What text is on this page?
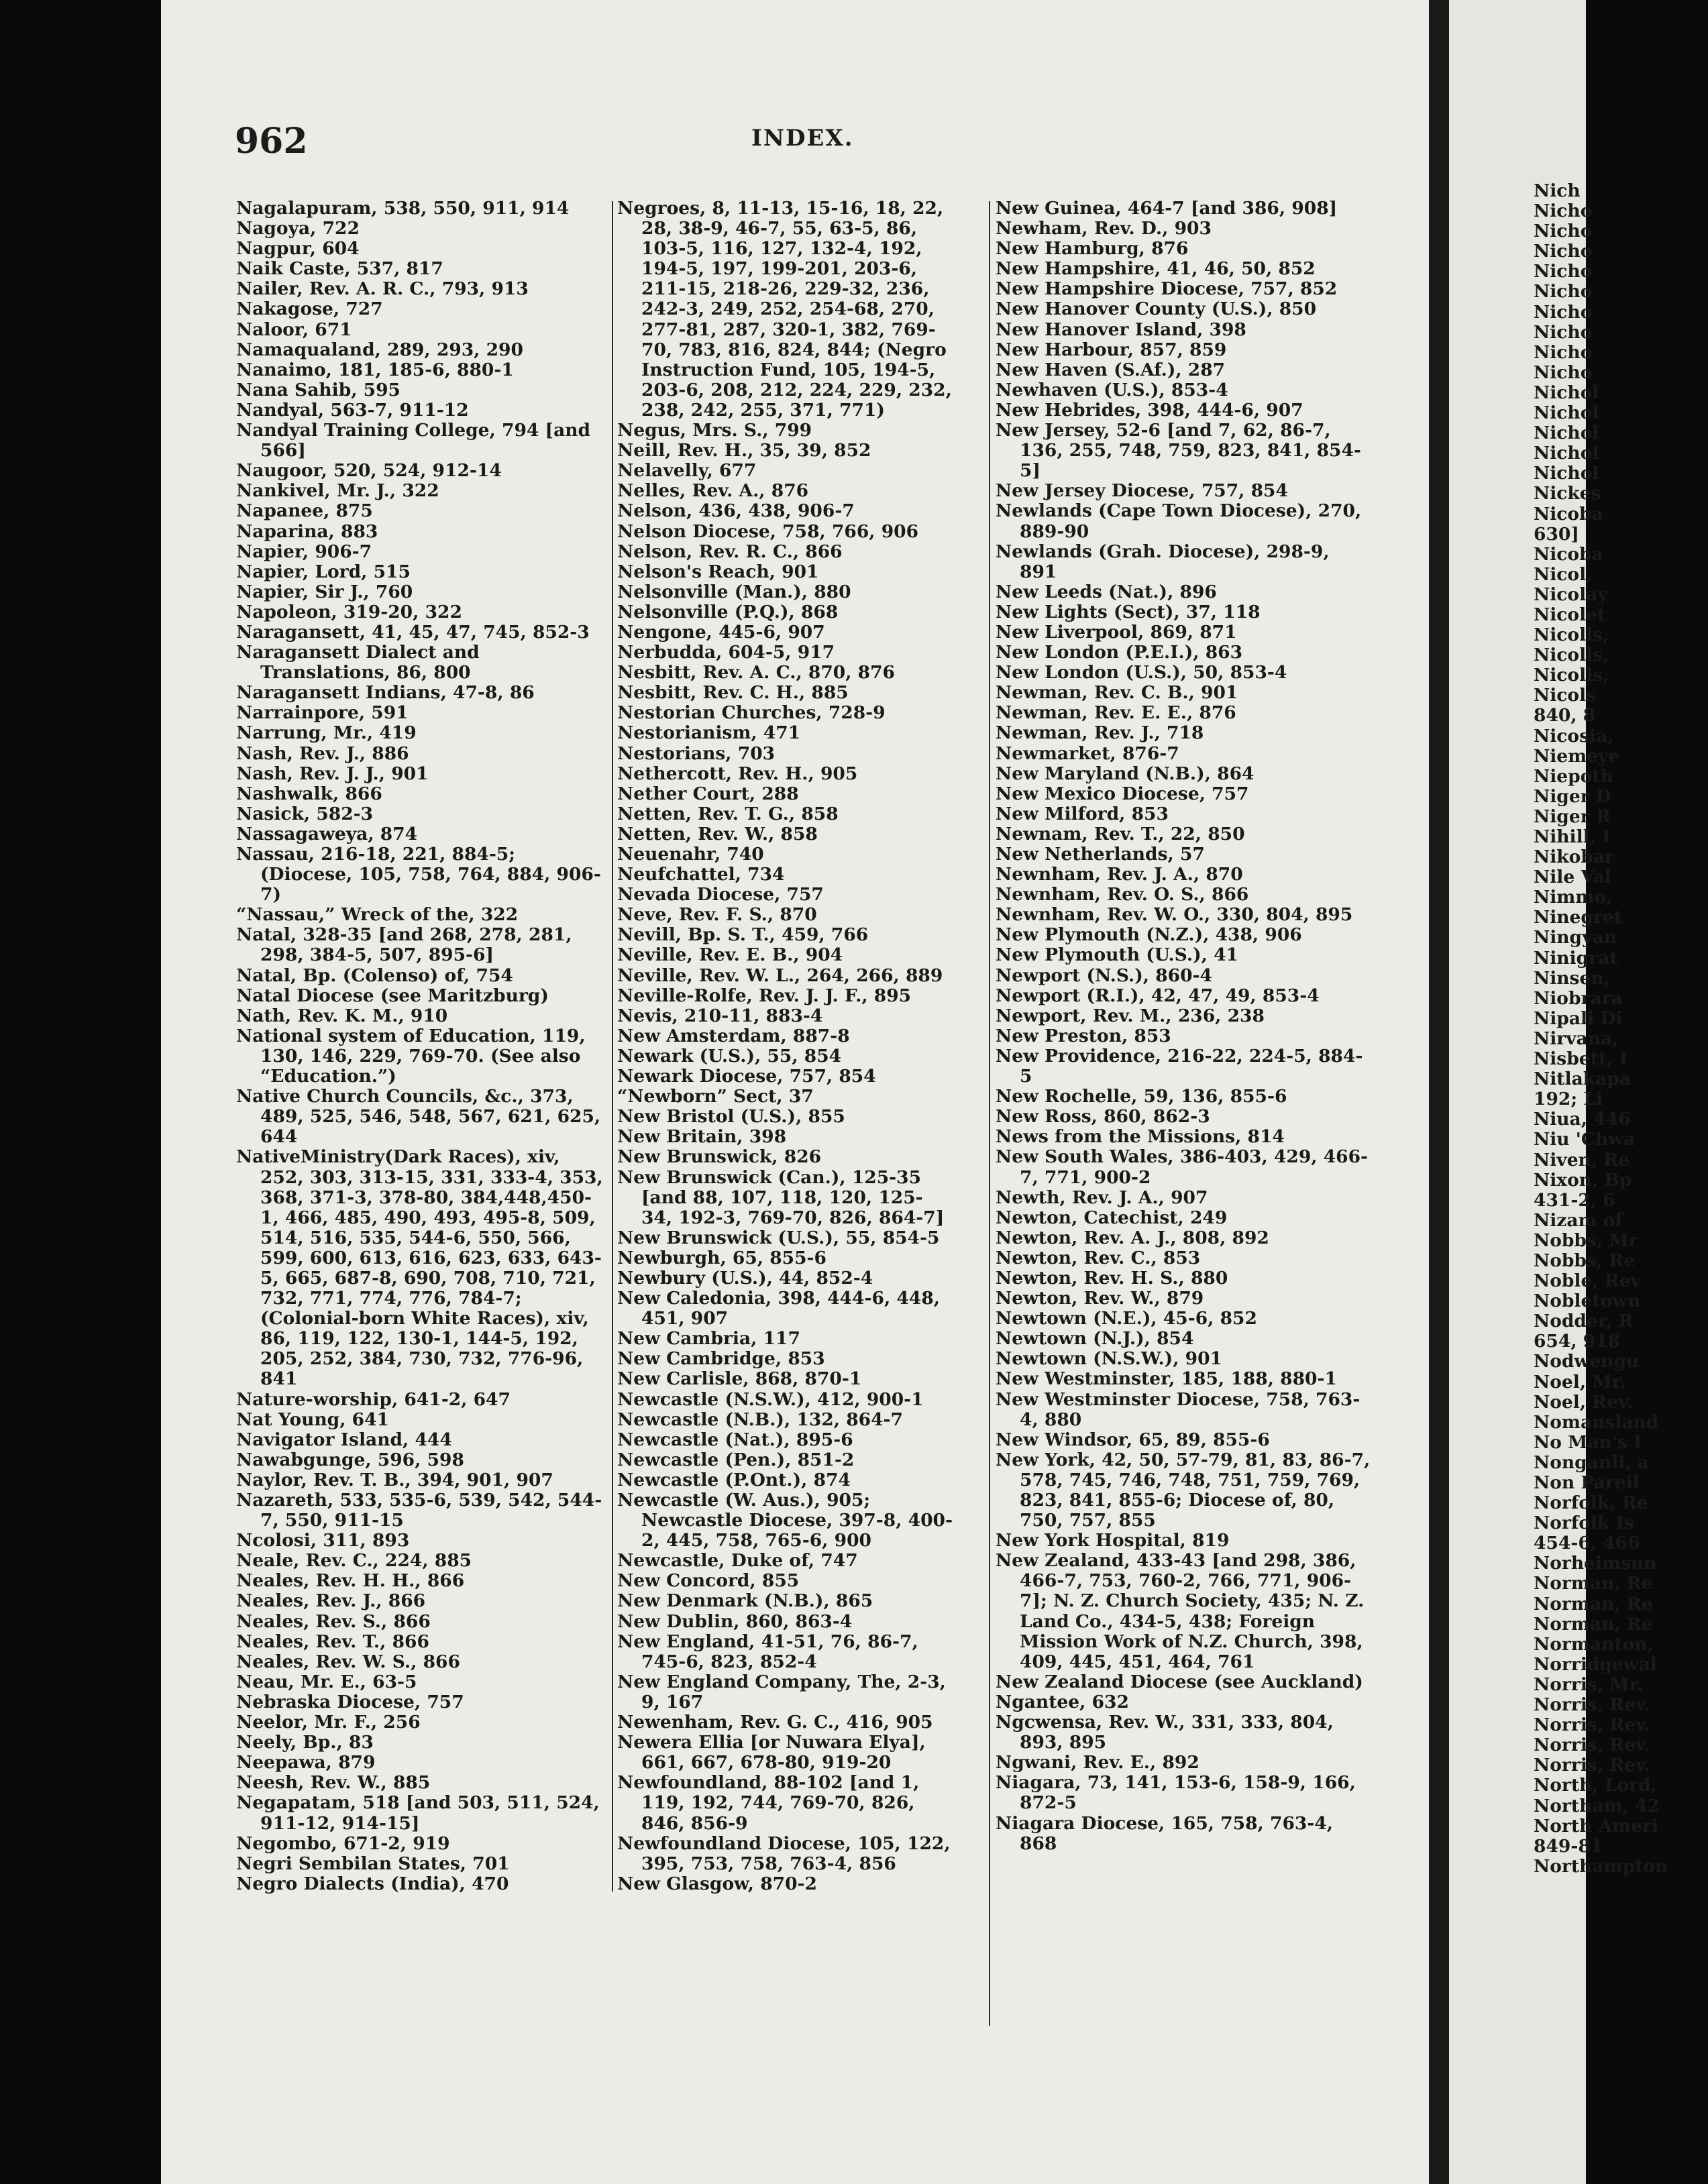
962	INDEX.
Nagalapuram, 538, 550, 911, 914
Nagoya, 722
Nagpur, 604
Naik Caste, 537, 817
Nailer, Rev. A. R. C., 793, 913
Nakagose, 727
Naloor, 671
Namaqualand, 289, 293, 290
Nanaimo, 181, 185-6, 880-1
Nana Sahib, 595
Nandyal, 563-7, 911-12
Nandyal Training College, 794 [and 566]
Naugoor, 520, 524, 912-14
Nankivel, Mr. J., 322
Napanee, 875
Naparina, 883
Napier, 906-7
Napier, Lord, 515
Napier, Sir J., 760
Napoleon, 319-20, 322
Naragansett, 41, 45, 47, 745, 852-3
Naragansett Dialect and Translations, 86, 800
Naragansett Indians, 47-8, 86
Narrainpore, 591
Narrung, Mr., 419
Nash, Rev. J., 886
Nash, Rev. J. J., 901
Nashwalk, 866
Nasick, 582-3
Nassagaweya, 874
Nassau, 216-18, 221, 884-5; (Diocese, 105, 758, 764, 884, 906-7)
“Nassau,” Wreck of the, 322
Natal, 328-35 [and 268, 278, 281, 298, 384-5, 507, 895-6]
Natal, Bp. (Colenso) of, 754
Natal Diocese (see Maritzburg)
Nath, Rev. K. M., 910
National system of Education, 119, 130, 146, 229, 769-70. (See also “Education.”)
Native Church Councils, &c., 373, 489, 525, 546, 548, 567, 621, 625, 644
NativeMinistry(Dark Races), xiv, 252, 303, 313-15, 331, 333-4, 353, 368, 371-3, 378-80, 384,448,450-1, 466, 485, 490, 493, 495-8, 509, 514, 516, 535, 544-6, 550, 566, 599, 600, 613, 616, 623, 633, 643-5, 665, 687-8, 690, 708, 710, 721, 732, 771, 774, 776, 784-7; (Colonial-born White Races), xiv, 86, 119, 122, 130-1, 144-5, 192, 205, 252, 384, 730, 732, 776-96, 841
Nature-worship, 641-2, 647
Nat Young, 641
Navigator Island, 444
Nawabgunge, 596, 598
Naylor, Rev. T. B., 394, 901, 907
Nazareth, 533, 535-6, 539, 542, 544-7, 550, 911-15
Ncolosi, 311, 893
Neale, Rev. C., 224, 885
Neales, Rev. H. H., 866
Neales, Rev. J., 866
Neales, Rev. S., 866
Neales, Rev. T., 866
Neales, Rev. W. S., 866
Neau, Mr. E., 63-5
Nebraska Diocese, 757
Neelor, Mr. F., 256
Neely, Bp., 83
Neepawa, 879
Neesh, Rev. W., 885
Negapatam, 518 [and 503, 511, 524, 911-12, 914-15]
Negombo, 671-2, 919
Negri Sembilan States, 701
Negro Dialects (India), 470
Negroes, 8, 11-13, 15-16, 18, 22, 28, 38-9, 46-7, 55, 63-5, 86, 103-5, 116, 127, 132-4, 192, 194-5, 197, 199-201, 203-6, 211-15, 218-26, 229-32, 236, 242-3, 249, 252, 254-68, 270, 277-81, 287, 320-1, 382, 769-70, 783, 816, 824, 844; (Negro Instruction Fund, 105, 194-5, 203-6, 208, 212, 224, 229, 232, 238, 242, 255, 371, 771)
Negus, Mrs. S., 799
Neill, Rev. H., 35, 39, 852
Nelavelly, 677
Nelles, Rev. A., 876
Nelson, 436, 438, 906-7
Nelson Diocese, 758, 766, 906
Nelson, Rev. R. C., 866
Nelson's Reach, 901
Nelsonville (Man.), 880
Nelsonville (P.Q.), 868
Nengone, 445-6, 907
Nerbudda, 604-5, 917
Nesbitt, Rev. A. C., 870, 876
Nesbitt, Rev. C. H., 885
Nestorian Churches, 728-9
Nestorianism, 471
Nestorians, 703
Nethercott, Rev. H., 905
Nether Court, 288
Netten, Rev. T. G., 858
Netten, Rev. W., 858
Neuenahr, 740
Neufchattel, 734
Nevada Diocese, 757
Neve, Rev. F. S., 870
Nevill, Bp. S. T., 459, 766
Neville, Rev. E. B., 904
Neville, Rev. W. L., 264, 266, 889
Neville-Rolfe, Rev. J. J. F., 895
Nevis, 210-11, 883-4
New Amsterdam, 887-8
Newark (U.S.), 55, 854
Newark Diocese, 757, 854
“Newborn” Sect, 37
New Bristol (U.S.), 855
New Britain, 398
New Brunswick, 826
New Brunswick (Can.), 125-35 [and 88, 107, 118, 120, 125-34, 192-3, 769-70, 826, 864-7]
New Brunswick (U.S.), 55, 854-5
Newburgh, 65, 855-6
Newbury (U.S.), 44, 852-4
New Caledonia, 398, 444-6, 448, 451, 907
New Cambria, 117
New Cambridge, 853
New Carlisle, 868, 870-1
Newcastle (N.S.W.), 412, 900-1
Newcastle (N.B.), 132, 864-7
Newcastle (Nat.), 895-6
Newcastle (Pen.), 851-2
Newcastle (P.Ont.), 874
Newcastle (W. Aus.), 905; Newcastle Diocese, 397-8, 400-2, 445, 758, 765-6, 900
Newcastle, Duke of, 747
New Concord, 855
New Denmark (N.B.), 865
New Dublin, 860, 863-4
New England, 41-51, 76, 86-7, 745-6, 823, 852-4
New England Company, The, 2-3, 9, 167
Newenham, Rev. G. C., 416, 905
Newera Ellia [or Nuwara Elya], 661, 667, 678-80, 919-20
Newfoundland, 88-102 [and 1, 119, 192, 744, 769-70, 826, 846, 856-9
Newfoundland Diocese, 105, 122, 395, 753, 758, 763-4, 856
New Glasgow, 870-2
New Guinea, 464-7 [and 386, 908]
Newham, Rev. D., 903
New Hamburg, 876
New Hampshire, 41, 46, 50, 852
New Hampshire Diocese, 757, 852
New Hanover County (U.S.), 850
New Hanover Island, 398
New Harbour, 857, 859
New Haven (S.Af.), 287
Newhaven (U.S.), 853-4
New Hebrides, 398, 444-6, 907
New Jersey, 52-6 [and 7, 62, 86-7, 136, 255, 748, 759, 823, 841, 854-5]
New Jersey Diocese, 757, 854
Newlands (Cape Town Diocese), 270, 889-90
Newlands (Grah. Diocese), 298-9, 891
New Leeds (Nat.), 896
New Lights (Sect), 37, 118
New Liverpool, 869, 871
New London (P.E.I.), 863
New London (U.S.), 50, 853-4
Newman, Rev. C. B., 901
Newman, Rev. E. E., 876
Newman, Rev. J., 718
Newmarket, 876-7
New Maryland (N.B.), 864
New Mexico Diocese, 757
New Milford, 853
Newnam, Rev. T., 22, 850
New Netherlands, 57
Newnham, Rev. J. A., 870
Newnham, Rev. O. S., 866
Newnham, Rev. W. O., 330, 804, 895
New Plymouth (N.Z.), 438, 906
New Plymouth (U.S.), 41
Newport (N.S.), 860-4
Newport (R.I.), 42, 47, 49, 853-4
Newport, Rev. M., 236, 238
New Preston, 853
New Providence, 216-22, 224-5, 884-5
New Rochelle, 59, 136, 855-6
New Ross, 860, 862-3
News from the Missions, 814
New South Wales, 386-403, 429, 466-7, 771, 900-2
Newth, Rev. J. A., 907
Newton, Catechist, 249
Newton, Rev. A. J., 808, 892
Newton, Rev. C., 853
Newton, Rev. H. S., 880
Newton, Rev. W., 879
Newtown (N.E.), 45-6, 852
Newtown (N.J.), 854
Newtown (N.S.W.), 901
New Westminster, 185, 188, 880-1
New Westminster Diocese, 758, 763-4, 880
New Windsor, 65, 89, 855-6
New York, 42, 50, 57-79, 81, 83, 86-7, 578, 745, 746, 748, 751, 759, 769, 823, 841, 855-6; Diocese of, 80, 750, 757, 855
New York Hospital, 819
New Zealand, 433-43 [and 298, 386, 466-7, 753, 760-2, 766, 771, 906-7]; N. Z. Church Society, 435; N. Z. Land Co., 434-5, 438; Foreign Mission Work of N.Z. Church, 398, 409, 445, 451, 464, 761
New Zealand Diocese (see Auckland)
Ngantee, 632
Ngcwensa, Rev. W., 331, 333, 804, 893, 895
Ngwani, Rev. E., 892
Niagara, 73, 141, 153-6, 158-9, 166, 872-5
Niagara Diocese, 165, 758, 763-4, 868
Nich
Nicho
Nicho
Nicho
Nicho
Nicho
Nicho
Nicho
Nicho
Nicho
Nichol
Nichol
Nichol
Nichol
Nichol
Nickes
Nicoba
630]
Nicoba
Nicol,
Nicolay
Nicolet
Nicolls,
Nicolls,
Nicolls,
Nicols
840, 8
Nicosia,
Niemeye
Niepoth
Niger D
Niger R
Nihill, I
Nikobar
Nile Val
Nimmo,
Ninegret
Ningyan
Ninigrat
Ninsen,
Niobrara
Nipali Di
Nirvana,
Nisbett, I
Nitlakapa
192; Li
Niua, 446
Niu 'Chwa
Niven, Re
Nixon, Bp
431-2, 6
Nizam of
Nobbs, Mr
Nobbs, Re
Noble, Rev
Nobletown
Nodder, R
654, 918
Nodwengu
Noel, Mr.
Noel, Rev.
Nomansland
No Man's I
Nonganli, a
Non Pareil
Norfolk, Re
Norfolk Is
454-6, 466
Norheimsun
Norman, Re
Norman, Re
Norman, Re
Normanton,
Norridgewal
Norris, Mr.
Norris, Rev.
Norris, Rev.
Norris, Rev.
Norris, Rev.
North, Lord,
Northam, 42
North Ameri
849-81
Northampton
